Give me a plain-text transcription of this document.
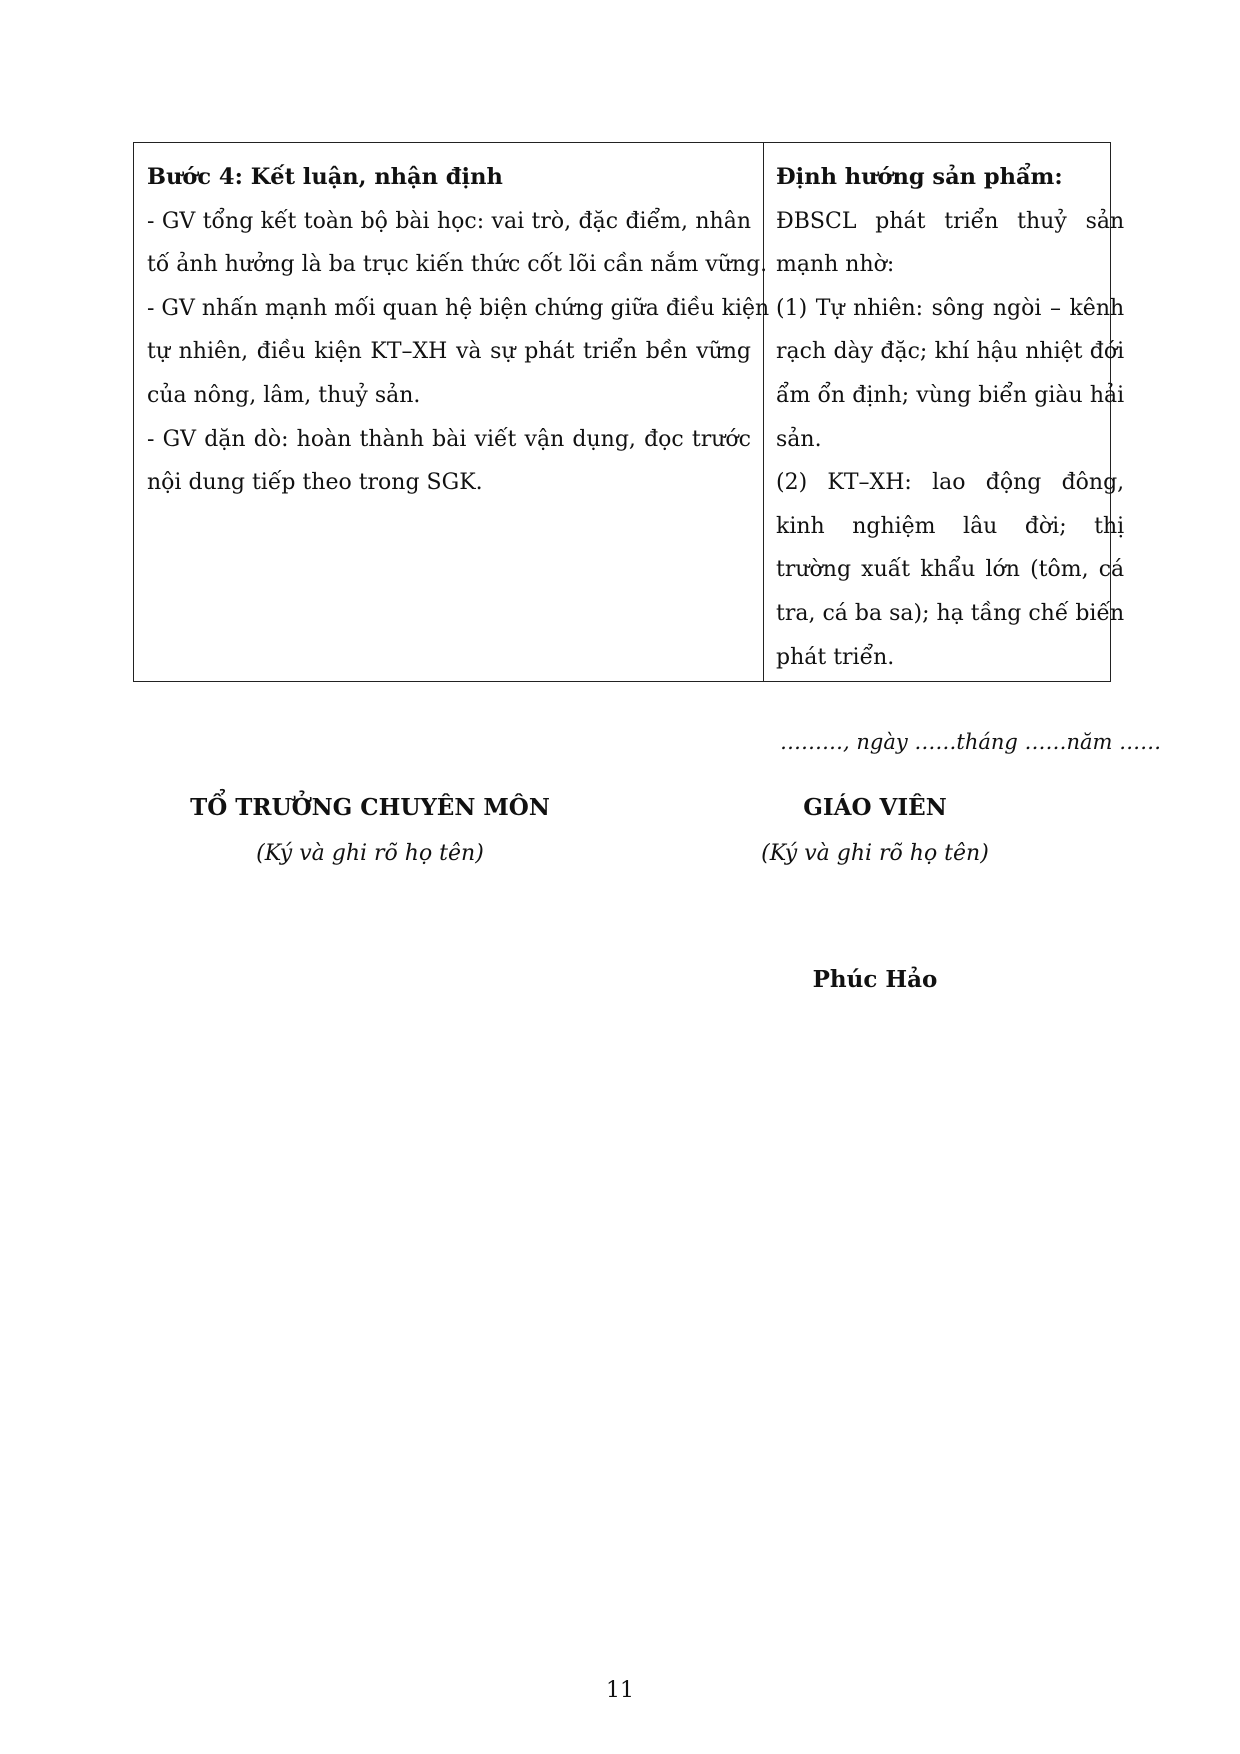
Bước 4: Kết luận, nhận định

- GV tổng kết toàn bộ bài học: vai trò, đặc điểm, nhân

tố ảnh hưởng là ba trục kiến thức cốt lõi cần nắm vững.

- GV nhấn mạnh mối quan hệ biện chứng giữa điều kiện

tự nhiên, điều kiện KT–XH và sự phát triển bền vững

của nông, lâm, thuỷ sản.

- GV dặn dò: hoàn thành bài viết vận dụng, đọc trước

nội dung tiếp theo trong SGK.

Định hướng sản phẩm:

ĐBSCL phát triển thuỷ sản

mạnh nhờ:

(1) Tự nhiên: sông ngòi – kênh

rạch dày đặc; khí hậu nhiệt đới

ẩm ổn định; vùng biển giàu hải

sản.

(2) KT–XH: lao động đông,

kinh nghiệm lâu đời; thị

trường xuất khẩu lớn (tôm, cá

tra, cá ba sa); hạ tầng chế biến

phát triển.

………, ngày ……tháng ……năm ……
TỔ TRƯỞNG CHUYÊN MÔN
(Ký và ghi rõ họ tên)
GIÁO VIÊN
(Ký và ghi rõ họ tên)
Phúc Hảo
11
